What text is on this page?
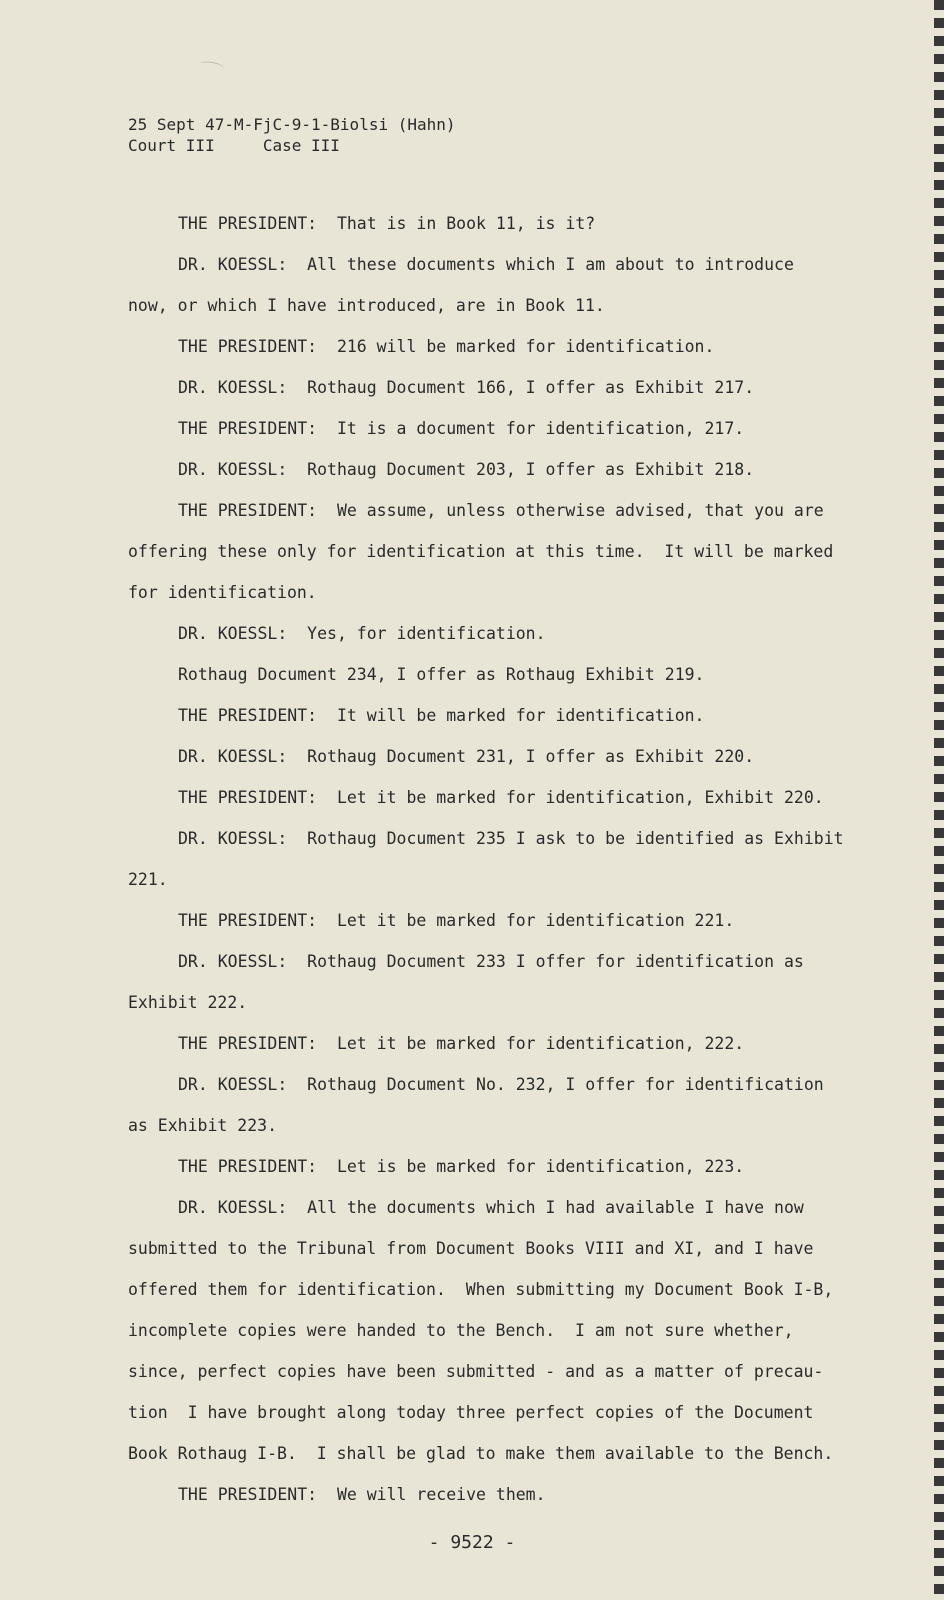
25 Sept 47-M-FjC-9-1-Biolsi (Hahn)
Court III     Case III
THE PRESIDENT:  That is in Book 11, is it?
DR. KOESSL:  All these documents which I am about to introduce
now, or which I have introduced, are in Book 11.
THE PRESIDENT:  216 will be marked for identification.
DR. KOESSL:  Rothaug Document 166, I offer as Exhibit 217.
THE PRESIDENT:  It is a document for identification, 217.
DR. KOESSL:  Rothaug Document 203, I offer as Exhibit 218.
THE PRESIDENT:  We assume, unless otherwise advised, that you are
offering these only for identification at this time.  It will be marked
for identification.
DR. KOESSL:  Yes, for identification.
Rothaug Document 234, I offer as Rothaug Exhibit 219.
THE PRESIDENT:  It will be marked for identification.
DR. KOESSL:  Rothaug Document 231, I offer as Exhibit 220.
THE PRESIDENT:  Let it be marked for identification, Exhibit 220.
DR. KOESSL:  Rothaug Document 235 I ask to be identified as Exhibit
221.
THE PRESIDENT:  Let it be marked for identification 221.
DR. KOESSL:  Rothaug Document 233 I offer for identification as
Exhibit 222.
THE PRESIDENT:  Let it be marked for identification, 222.
DR. KOESSL:  Rothaug Document No. 232, I offer for identification
as Exhibit 223.
THE PRESIDENT:  Let is be marked for identification, 223.
DR. KOESSL:  All the documents which I had available I have now
submitted to the Tribunal from Document Books VIII and XI, and I have
offered them for identification.  When submitting my Document Book I-B,
incomplete copies were handed to the Bench.  I am not sure whether,
since, perfect copies have been submitted - and as a matter of precau-
tion  I have brought along today three perfect copies of the Document
Book Rothaug I-B.  I shall be glad to make them available to the Bench.
THE PRESIDENT:  We will receive them.
- 9522 -
